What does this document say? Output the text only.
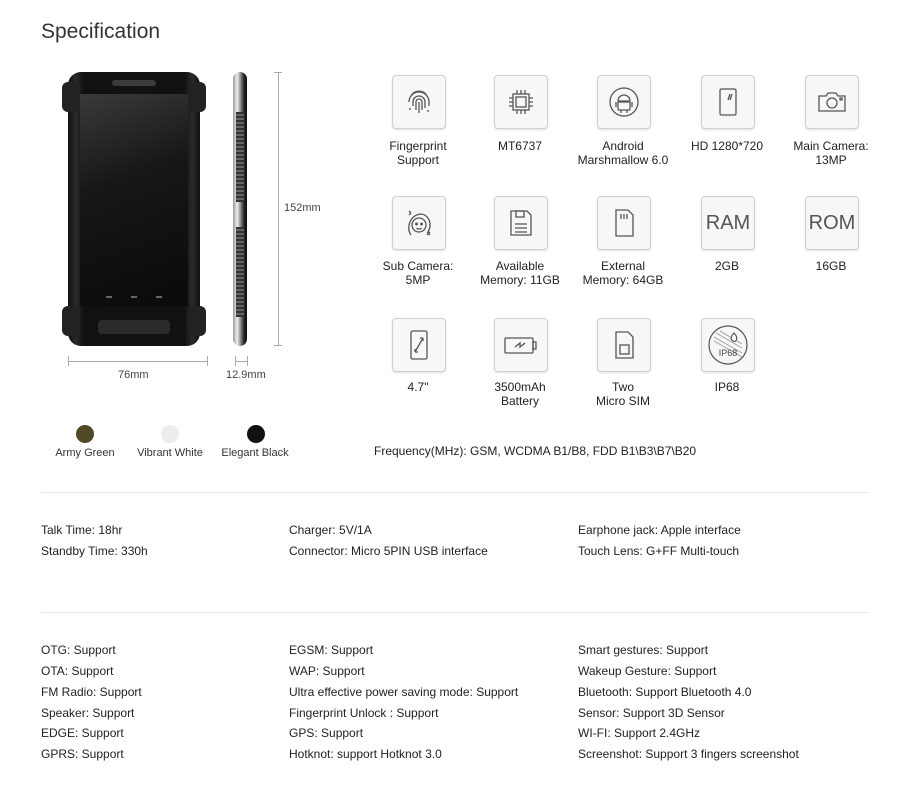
Specification
152mm
76mm	12.9mm
Fingerprint
Support
MT6737	Android
Marshmallow 6.0
HD 1280*720	Main Camera:
13MP
Sub Camera:
5MP
Available
Memory: 11GB
External
Memory: 64GB
RAM
2GB
ROM
16GB
4.7"	3500mAh
Battery
Two
Micro SIM
IP68
IP68
Army Green	Vibrant White	Elegant Black	Frequency(MHz): GSM, WCDMA B1/B8, FDD B1\B3\B7\B20
Talk Time: 18hr
Standby Time: 330h
Charger: 5V/1A
Connector: Micro 5PIN USB interface
Earphone jack: Apple interface
Touch Lens: G+FF Multi-touch
OTG: Support
OTA: Support
FM Radio: Support
Speaker: Support
EDGE: Support
GPRS: Support
EGSM: Support
WAP: Support
Ultra effective power saving mode: Support
Fingerprint Unlock : Support
GPS: Support
Hotknot: support Hotknot 3.0
Smart gestures: Support
Wakeup Gesture: Support
Bluetooth: Support Bluetooth 4.0
Sensor: Support 3D Sensor
WI-FI: Support 2.4GHz
Screenshot: Support 3 fingers screenshot
